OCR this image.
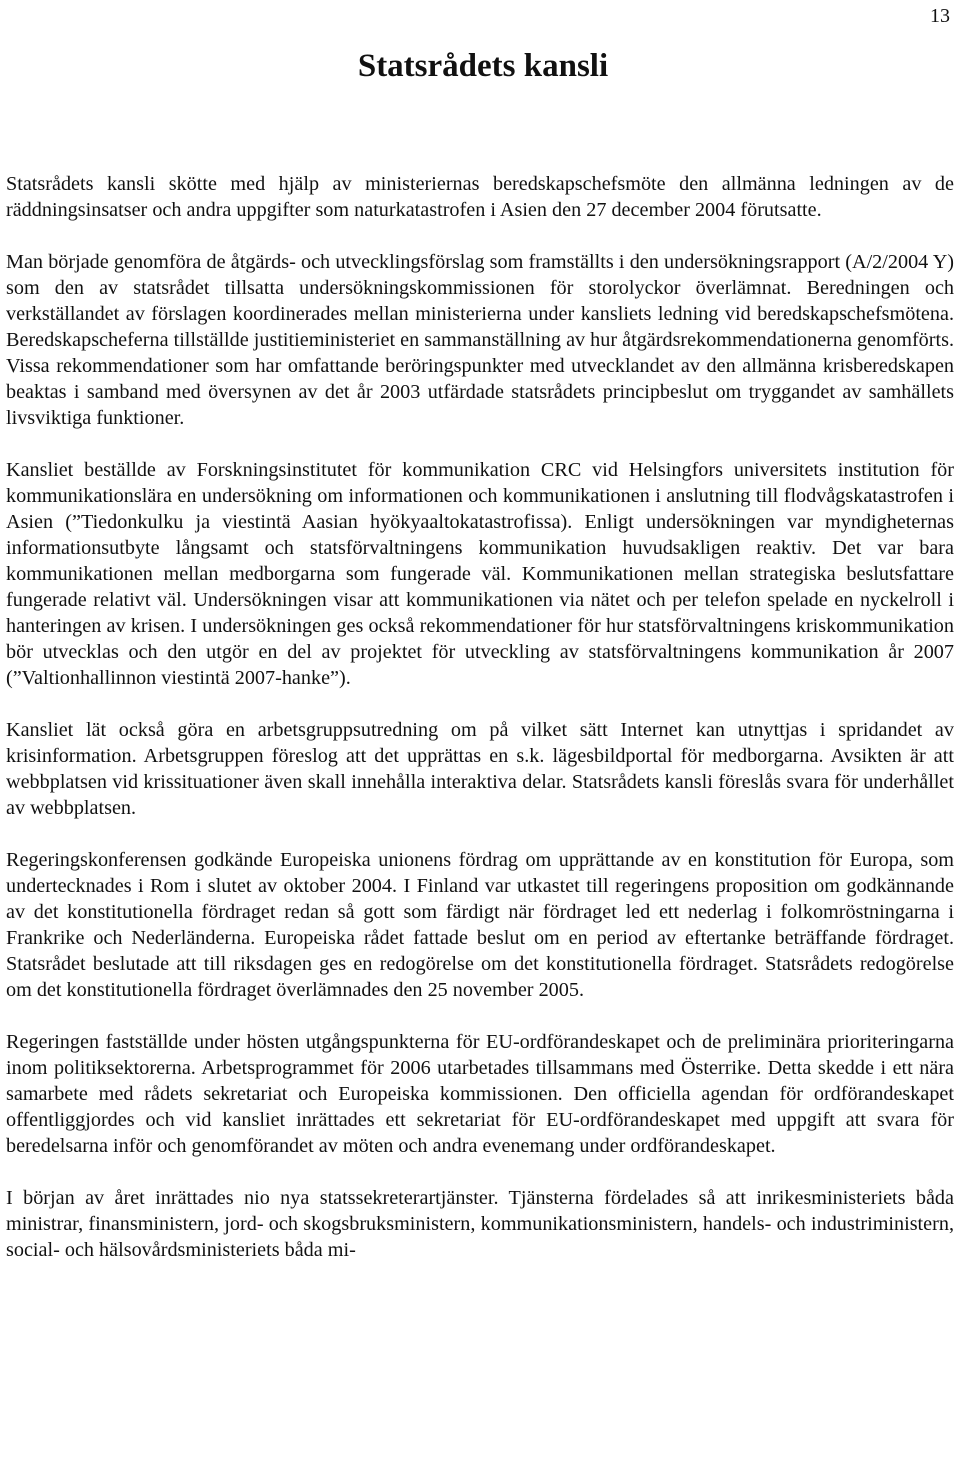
13
Statsrådets kansli

Statsrådets kansli skötte med hjälp av ministeriernas beredskapschefsmöte den allmänna ledningen av de räddningsinsatser och andra uppgifter som naturkatastrofen i Asien den 27 december 2004 förutsatte.

Man började genomföra de åtgärds- och utvecklingsförslag som framställts i den undersökningsrapport (A/2/2004 Y) som den av statsrådet tillsatta undersökningskommissionen för storolyckor överlämnat. Beredningen och verkställandet av förslagen koordinerades mellan ministerierna under kansliets ledning vid beredskapschefsmötena. Beredskapscheferna tillställde justitieministeriet en sammanställning av hur åtgärdsrekommendationerna genomförts. Vissa rekommendationer som har omfattande beröringspunkter med utvecklandet av den allmänna krisberedskapen beaktas i samband med översynen av det år 2003 utfärdade statsrådets principbeslut om tryggandet av samhällets livsviktiga funktioner.

Kansliet beställde av Forskningsinstitutet för kommunikation CRC vid Helsingfors universitets institution för kommunikationslära en undersökning om informationen och kommunikationen i anslutning till flodvågskatastrofen i Asien (”Tiedonkulku ja viestintä Aasian hyökyaaltokatastrofissa). Enligt undersökningen var myndigheternas informationsutbyte långsamt och statsförvaltningens kommunikation huvudsakligen reaktiv. Det var bara kommunikationen mellan medborgarna som fungerade väl. Kommunikationen mellan strategiska beslutsfattare fungerade relativt väl. Undersökningen visar att kommunikationen via nätet och per telefon spelade en nyckelroll i hanteringen av krisen. I undersökningen ges också rekommendationer för hur statsförvaltningens kriskommunikation bör utvecklas och den utgör en del av projektet för utveckling av statsförvaltningens kommunikation år 2007 (”Valtionhallinnon viestintä 2007-hanke”).

Kansliet lät också göra en arbetsgruppsutredning om på vilket sätt Internet kan utnyttjas i spridandet av krisinformation. Arbetsgruppen föreslog att det upprättas en s.k. lägesbildportal för medborgarna. Avsikten är att webbplatsen vid krissituationer även skall innehålla interaktiva delar. Statsrådets kansli föreslås svara för underhållet av webbplatsen.

Regeringskonferensen godkände Europeiska unionens fördrag om upprättande av en konstitution för Europa, som undertecknades i Rom i slutet av oktober 2004. I Finland var utkastet till regeringens proposition om godkännande av det konstitutionella fördraget redan så gott som färdigt när fördraget led ett nederlag i folkomröstningarna i Frankrike och Nederländerna. Europeiska rådet fattade beslut om en period av eftertanke beträffande fördraget. Statsrådet beslutade att till riksdagen ges en redogörelse om det konstitutionella fördraget. Statsrådets redogörelse om det konstitutionella fördraget överlämnades den 25 november 2005.

Regeringen fastställde under hösten utgångspunkterna för EU-ordförandeskapet och de preliminära prioriteringarna inom politiksektorerna. Arbetsprogrammet för 2006 utarbetades tillsammans med Österrike. Detta skedde i ett nära samarbete med rådets sekretariat och Europeiska kommissionen. Den officiella agendan för ordförandeskapet offentliggjordes och vid kansliet inrättades ett sekretariat för EU-ordförandeskapet med uppgift att svara för beredelsarna inför och genomförandet av möten och andra evenemang under ordförandeskapet.

I början av året inrättades nio nya statssekreterartjänster. Tjänsterna fördelades så att inrikesministeriets båda ministrar, finansministern, jord- och skogsbruksministern, kommunikationsministern, handels- och industriministern, social- och hälsovårdsministeriets båda mi-
